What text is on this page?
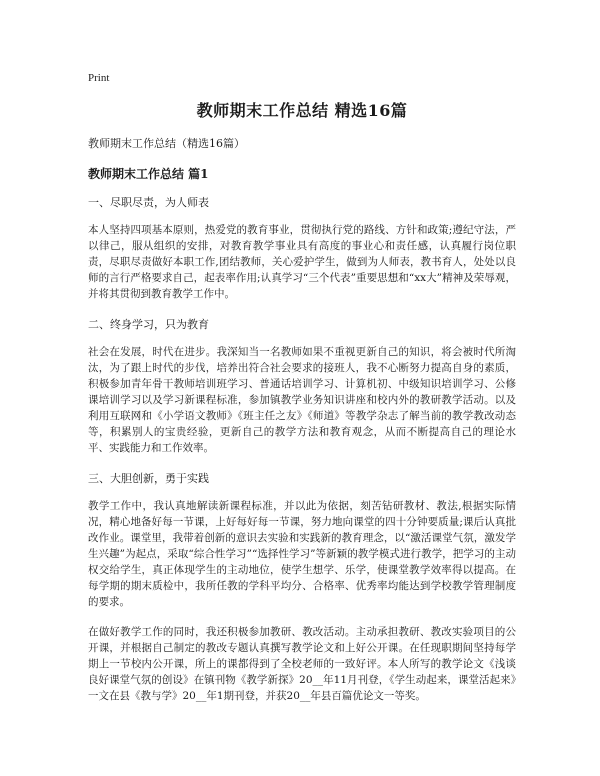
Print
教师期末工作总结 精选16篇
教师期末工作总结（精选16篇）
教师期末工作总结 篇1
一、尽职尽责，为人师表

本人坚持四项基本原则，热爱党的教育事业，贯彻执行党的路线、方针和政策;遵纪守法，严以律己，服从组织的安排，对教育教学事业具有高度的事业心和责任感，认真履行岗位职责，尽职尽责做好本职工作,团结教师，关心爱护学生，做到为人师表，教书育人，处处以良师的言行严格要求自己，起表率作用;认真学习“三个代表”重要思想和“xx大”精神及荣辱观，并将其贯彻到教育教学工作中。

二、终身学习，只为教育

社会在发展，时代在进步。我深知当一名教师如果不重视更新自己的知识，将会被时代所淘汰，为了跟上时代的步伐，培养出符合社会要求的接班人，我不心断努力提高自身的素质，积极参加青年骨干教师培训班学习、普通话培训学习、计算机初、中级知识培训学习、公修课培训学习以及学习新课程标准，参加镇教学业务知识讲座和校内外的教研教学活动。以及利用互联网和《小学语文教师》《班主任之友》《师道》等教学杂志了解当前的教学教改动态等，积累别人的宝贵经验，更新自己的教学方法和教育观念，从而不断提高自己的理论水平、实践能力和工作效率。

三、大胆创新，勇于实践

教学工作中，我认真地解读新课程标准，并以此为依据，刻苦钻研教材、教法,根据实际情况，精心地备好每一节课，上好每好每一节课，努力地向课堂的四十分钟要质量;课后认真批改作业。课堂里，我带着创新的意识去实验和实践新的教育理念，以“激活课堂气氛，激发学生兴趣”为起点，采取“综合性学习”“选择性学习”等新颖的教学模式进行教学，把学习的主动权交给学生，真正体现学生的主动地位，使学生想学、乐学，使课堂教学效率得以提高。在每学期的期末质检中，我所任教的学科平均分、合格率、优秀率均能达到学校教学管理制度的要求。

在做好教学工作的同时，我还积极参加教研、教改活动。主动承担教研、教改实验项目的公开课，并根据自己制定的教改专题认真撰写教学论文和上好公开课。在任现职期间坚持每学期上一节校内公开课，所上的课都得到了全校老师的一致好评。本人所写的教学论文《浅谈良好课堂气氛的创设》在镇刊物《教学新探》20__年11月刊登，《学生动起来，课堂活起来》一文在县《教与学》20__年1期刊登，并获20__年县百篇优论文一等奖。
